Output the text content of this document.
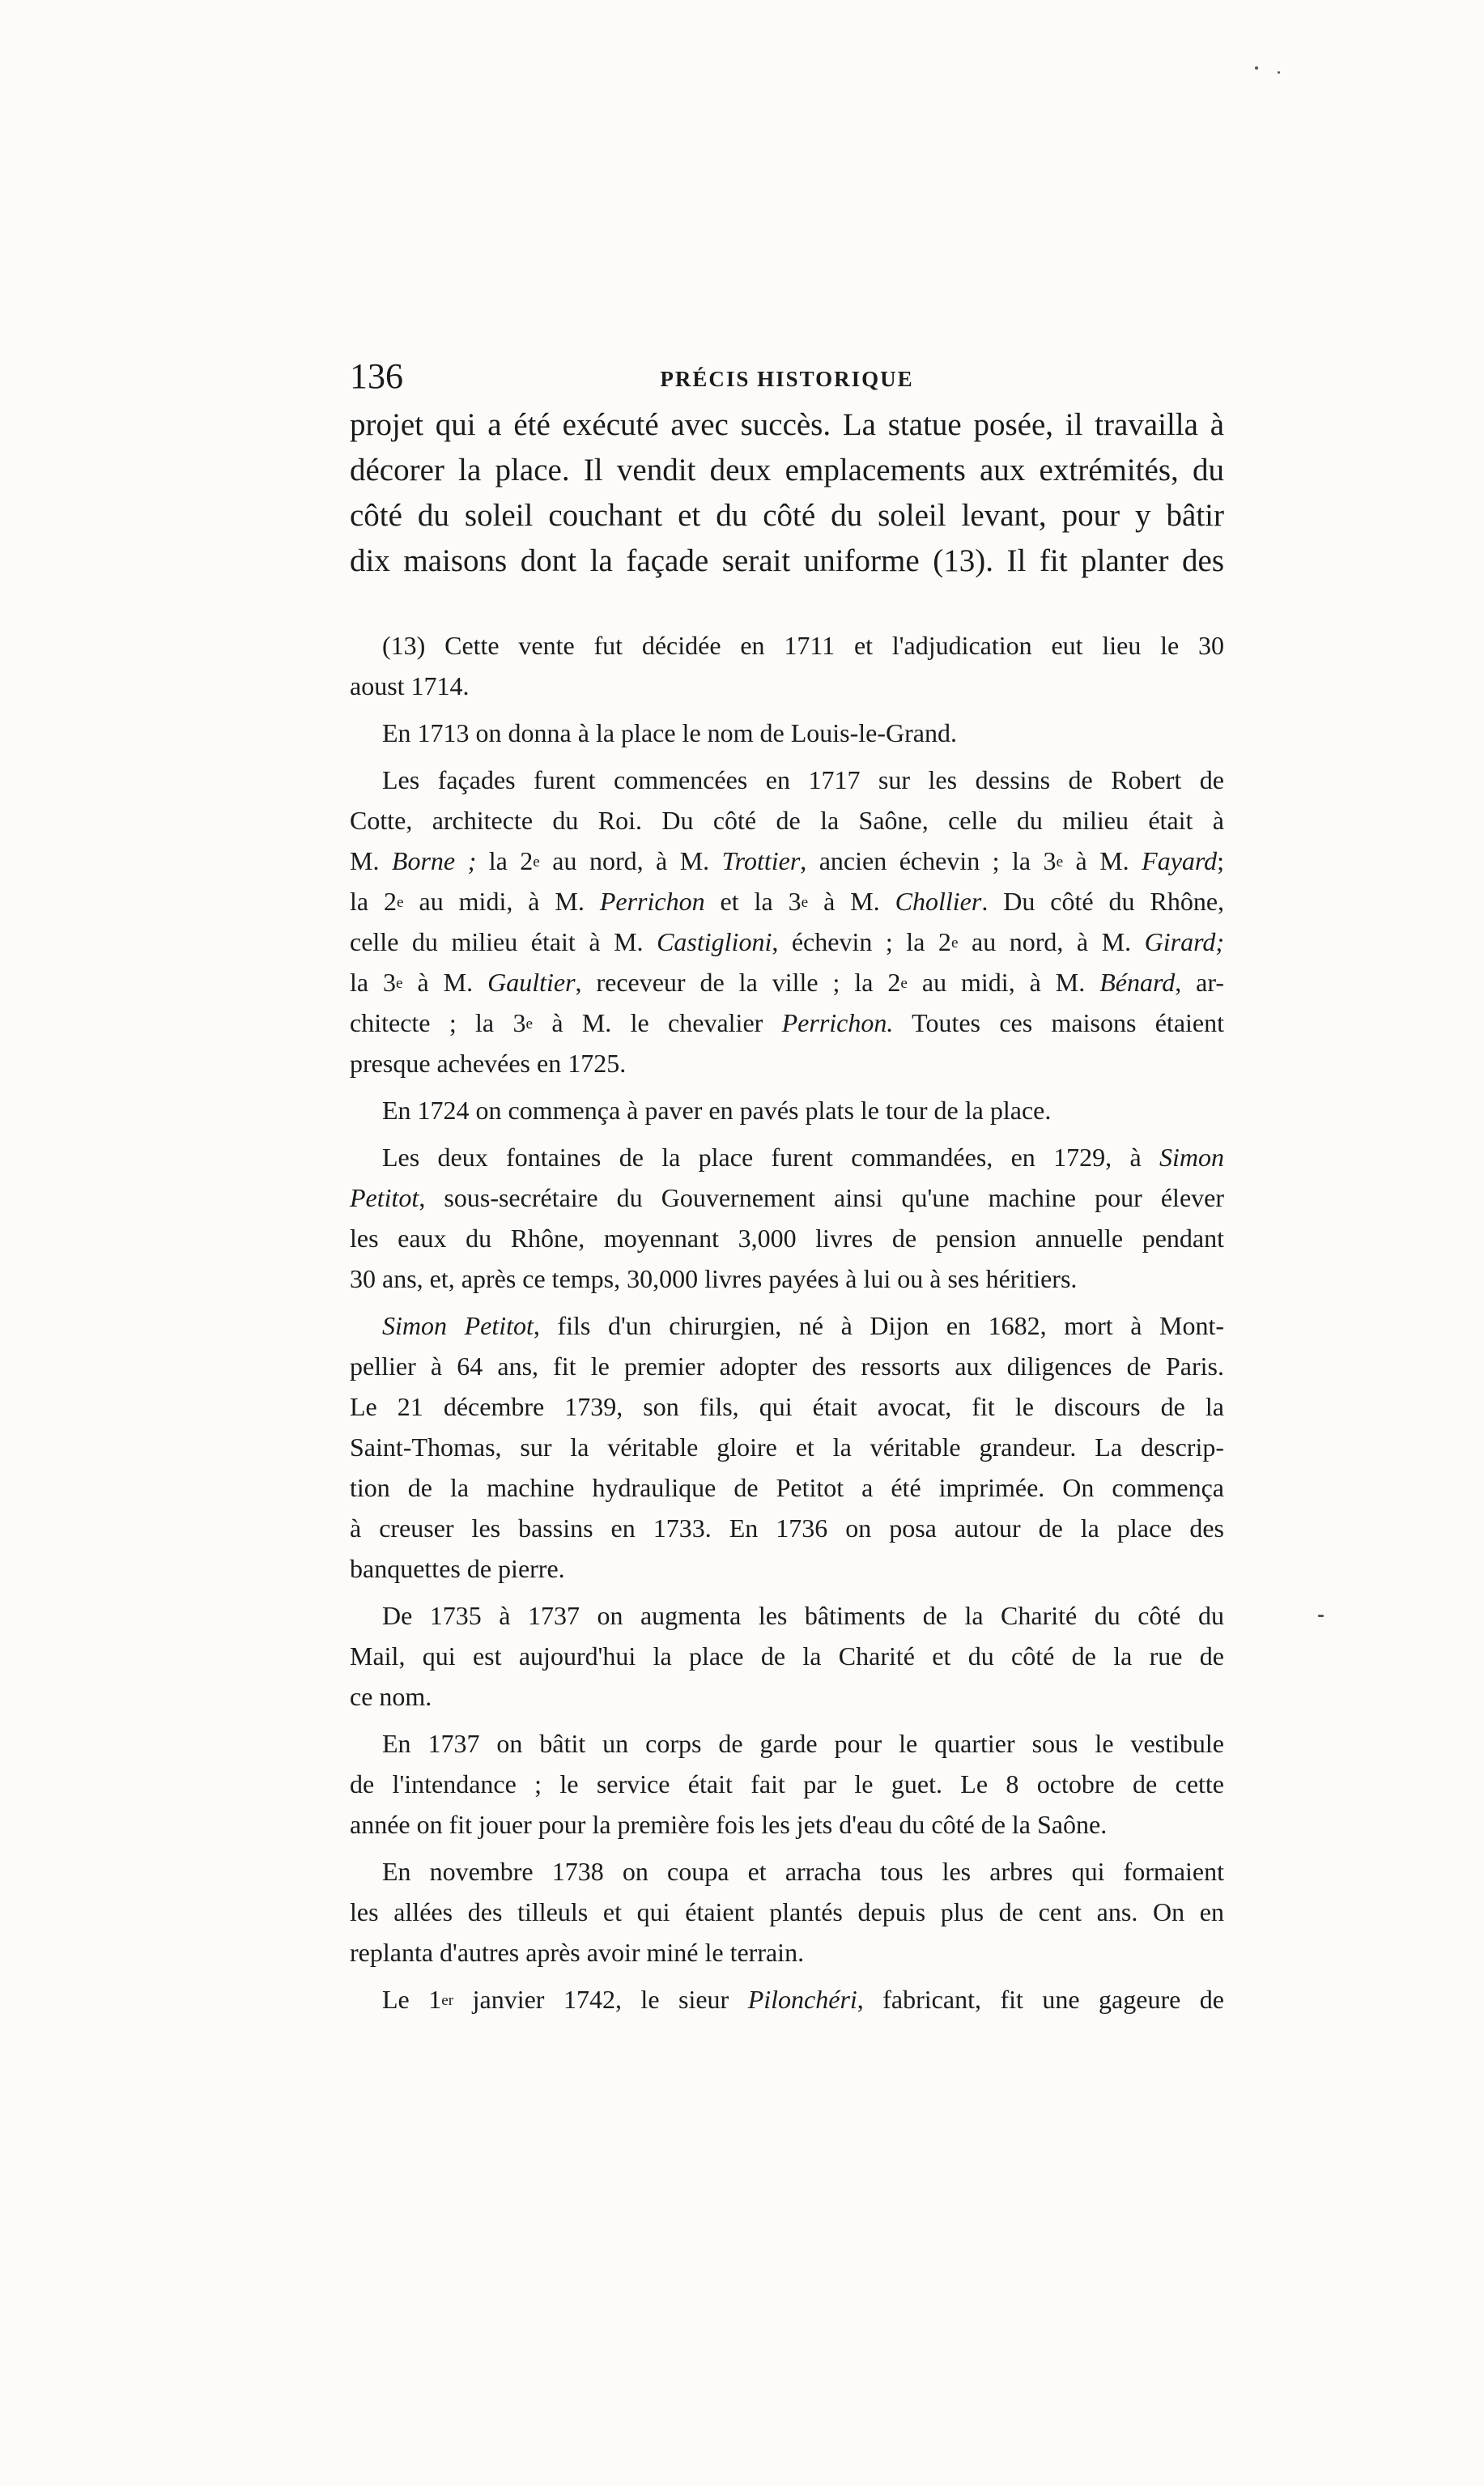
136	PRÉCIS HISTORIQUE
projet qui a été exécuté avec succès. La statue posée, il travailla à
décorer la place. Il vendit deux emplacements aux extrémités, du
côté du soleil couchant et du côté du soleil levant, pour y bâtir
dix maisons dont la façade serait uniforme (13). Il fit planter des
(13) Cette vente fut décidée en 1711 et l'adjudication eut lieu le 30
aoust 1714.
En 1713 on donna à la place le nom de Louis-le-Grand.
Les façades furent commencées en 1717 sur les dessins de Robert de
Cotte, architecte du Roi. Du côté de la Saône, celle du milieu était à
M. Borne ; la 2e au nord, à M. Trottier, ancien échevin ; la 3e à M. Fayard;
la 2e au midi, à M. Perrichon et la 3e à M. Chollier. Du côté du Rhône,
celle du milieu était à M. Castiglioni, échevin ; la 2e au nord, à M. Girard;
la 3e à M. Gaultier, receveur de la ville ; la 2e au midi, à M. Bénard, ar-
chitecte ; la 3e à M. le chevalier Perrichon. Toutes ces maisons étaient
presque achevées en 1725.
En 1724 on commença à paver en pavés plats le tour de la place.
Les deux fontaines de la place furent commandées, en 1729, à Simon
Petitot, sous-secrétaire du Gouvernement ainsi qu'une machine pour élever
les eaux du Rhône, moyennant 3,000 livres de pension annuelle pendant
30 ans, et, après ce temps, 30,000 livres payées à lui ou à ses héritiers.
Simon Petitot, fils d'un chirurgien, né à Dijon en 1682, mort à Mont-
pellier à 64 ans, fit le premier adopter des ressorts aux diligences de Paris.
Le 21 décembre 1739, son fils, qui était avocat, fit le discours de la
Saint-Thomas, sur la véritable gloire et la véritable grandeur. La descrip-
tion de la machine hydraulique de Petitot a été imprimée. On commença
à creuser les bassins en 1733. En 1736 on posa autour de la place des
banquettes de pierre.
De 1735 à 1737 on augmenta les bâtiments de la Charité du côté du
Mail, qui est aujourd'hui la place de la Charité et du côté de la rue de
ce nom.
En 1737 on bâtit un corps de garde pour le quartier sous le vestibule
de l'intendance ; le service était fait par le guet. Le 8 octobre de cette
année on fit jouer pour la première fois les jets d'eau du côté de la Saône.
En novembre 1738 on coupa et arracha tous les arbres qui formaient
les allées des tilleuls et qui étaient plantés depuis plus de cent ans. On en
replanta d'autres après avoir miné le terrain.
Le 1er janvier 1742, le sieur Pilonchéri, fabricant, fit une gageure de
